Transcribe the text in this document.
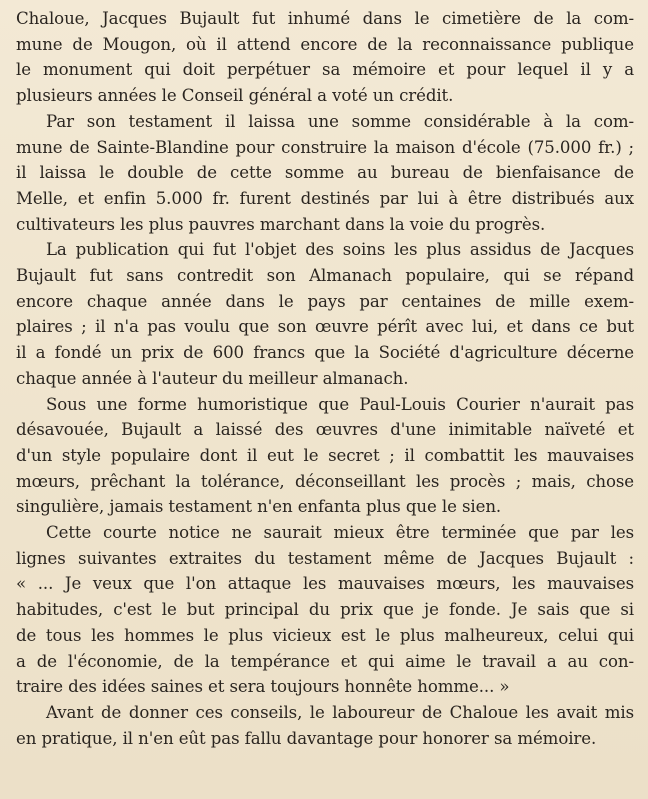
Chaloue, Jacques Bujault fut inhumé dans le cimetière de la com-
mune de Mougon, où il attend encore de la reconnaissance publique
le monument qui doit perpétuer sa mémoire et pour lequel il y a
plusieurs années le Conseil général a voté un crédit.

Par son testament il laissa une somme considérable à la com-
mune de Sainte-Blandine pour construire la maison d'école (75.000 fr.) ;
il laissa le double de cette somme au bureau de bienfaisance de
Melle, et enfin 5.000 fr. furent destinés par lui à être distribués aux
cultivateurs les plus pauvres marchant dans la voie du progrès.

La publication qui fut l'objet des soins les plus assidus de Jacques
Bujault fut sans contredit son Almanach populaire, qui se répand
encore chaque année dans le pays par centaines de mille exem-
plaires ; il n'a pas voulu que son œuvre pérît avec lui, et dans ce but
il a fondé un prix de 600 francs que la Société d'agriculture décerne
chaque année à l'auteur du meilleur almanach.

Sous une forme humoristique que Paul-Louis Courier n'aurait pas
désavouée, Bujault a laissé des œuvres d'une inimitable naïveté et
d'un style populaire dont il eut le secret ; il combattit les mauvaises
mœurs, prêchant la tolérance, déconseillant les procès ; mais, chose
singulière, jamais testament n'en enfanta plus que le sien.

Cette courte notice ne saurait mieux être terminée que par les
lignes suivantes extraites du testament même de Jacques Bujault :
« ... Je veux que l'on attaque les mauvaises mœurs, les mauvaises
habitudes, c'est le but principal du prix que je fonde. Je sais que si
de tous les hommes le plus vicieux est le plus malheureux, celui qui
a de l'économie, de la tempérance et qui aime le travail a au con-
traire des idées saines et sera toujours honnête homme... »

Avant de donner ces conseils, le laboureur de Chaloue les avait mis
en pratique, il n'en eût pas fallu davantage pour honorer sa mémoire.
